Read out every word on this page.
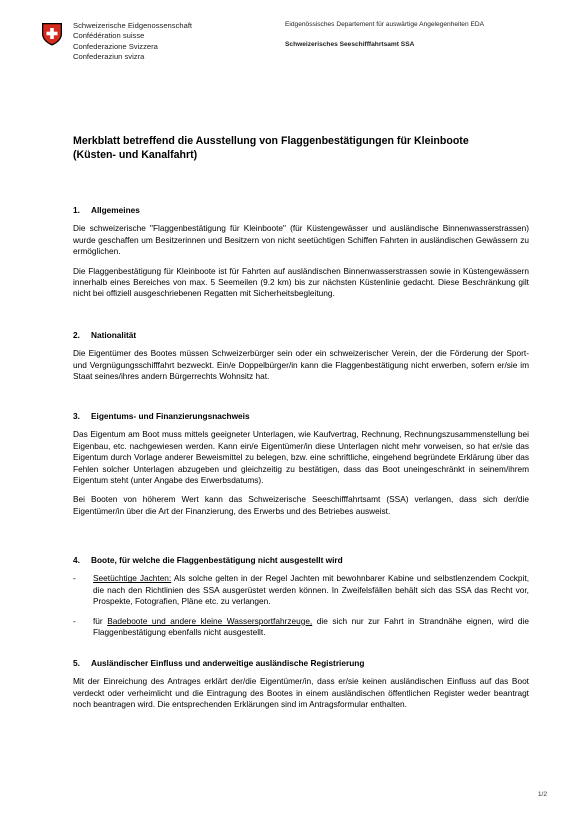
Schweizerische Eidgenossenschaft
Confédération suisse
Confederazione Svizzera
Confederaziun svizra
Eidgenössisches Departement für auswärtige Angelegenheiten EDA
Schweizerisches Seeschifffahrtsamt SSA
Merkblatt betreffend die Ausstellung von Flaggenbestätigungen für Kleinboote
(Küsten- und Kanalfahrt)
1.	Allgemeines

Die schweizerische "Flaggenbestätigung für Kleinboote" (für Küstengewässer und ausländische Binnenwasserstrassen) wurde geschaffen um Besitzerinnen und Besitzern von nicht seetüchtigen Schiffen Fahrten in ausländischen Gewässern zu ermöglichen.

Die Flaggenbestätigung für Kleinboote ist für Fahrten auf ausländischen Binnenwasserstrassen sowie in Küstengewässern innerhalb eines Bereiches von max. 5 Seemeilen (9.2 km) bis zur nächsten Küstenlinie gedacht. Diese Beschränkung gilt nicht bei offiziell ausgeschriebenen Regatten mit Sicherheitsbegleitung.

2.	Nationalität

Die Eigentümer des Bootes müssen Schweizerbürger sein oder ein schweizerischer Verein, der die Förderung der Sport- und Vergnügungsschifffahrt bezweckt. Ein/e Doppelbürger/in kann die Flaggenbestätigung nicht erwerben, sofern er/sie im Staat seines/ihres andern Bürgerrechts Wohnsitz hat.

3.	Eigentums- und Finanzierungsnachweis

Das Eigentum am Boot muss mittels geeigneter Unterlagen, wie Kaufvertrag, Rechnung, Rechnungszusammenstellung bei Eigenbau, etc. nachgewiesen werden. Kann ein/e Eigentümer/in diese Unterlagen nicht mehr vorweisen, so hat er/sie das Eigentum durch Vorlage anderer Beweismittel zu belegen, bzw. eine schriftliche, eingehend begründete Erklärung über das Fehlen solcher Unterlagen abzugeben und gleichzeitig zu bestätigen, dass das Boot uneingeschränkt in seinem/ihrem Eigentum steht (unter Angabe des Erwerbsdatums).

Bei Booten von höherem Wert kann das Schweizerische Seeschifffahrtsamt (SSA) verlangen, dass sich der/die Eigentümer/in über die Art der Finanzierung, des Erwerbs und des Betriebes ausweist.

4.	Boote, für welche die Flaggenbestätigung nicht ausgestellt wird
- Seetüchtige Jachten: Als solche gelten in der Regel Jachten mit bewohnbarer Kabine und selbstlenzendem Cockpit, die nach den Richtlinien des SSA ausgerüstet werden können. In Zweifelsfällen behält sich das SSA das Recht vor, Prospekte, Fotografien, Pläne etc. zu verlangen.
- für Badeboote und andere kleine Wassersportfahrzeuge, die sich nur zur Fahrt in Strandnähe eignen, wird die Flaggenbestätigung ebenfalls nicht ausgestellt.
5.	Ausländischer Einfluss und anderweitige ausländische Registrierung

Mit der Einreichung des Antrages erklärt der/die Eigentümer/in, dass er/sie keinen ausländischen Einfluss auf das Boot verdeckt oder verheimlicht und die Eintragung des Bootes in einem ausländischen öffentlichen Register weder beantragt noch beantragen wird. Die entsprechenden Erklärungen sind im Antragsformular enthalten.

1/2
